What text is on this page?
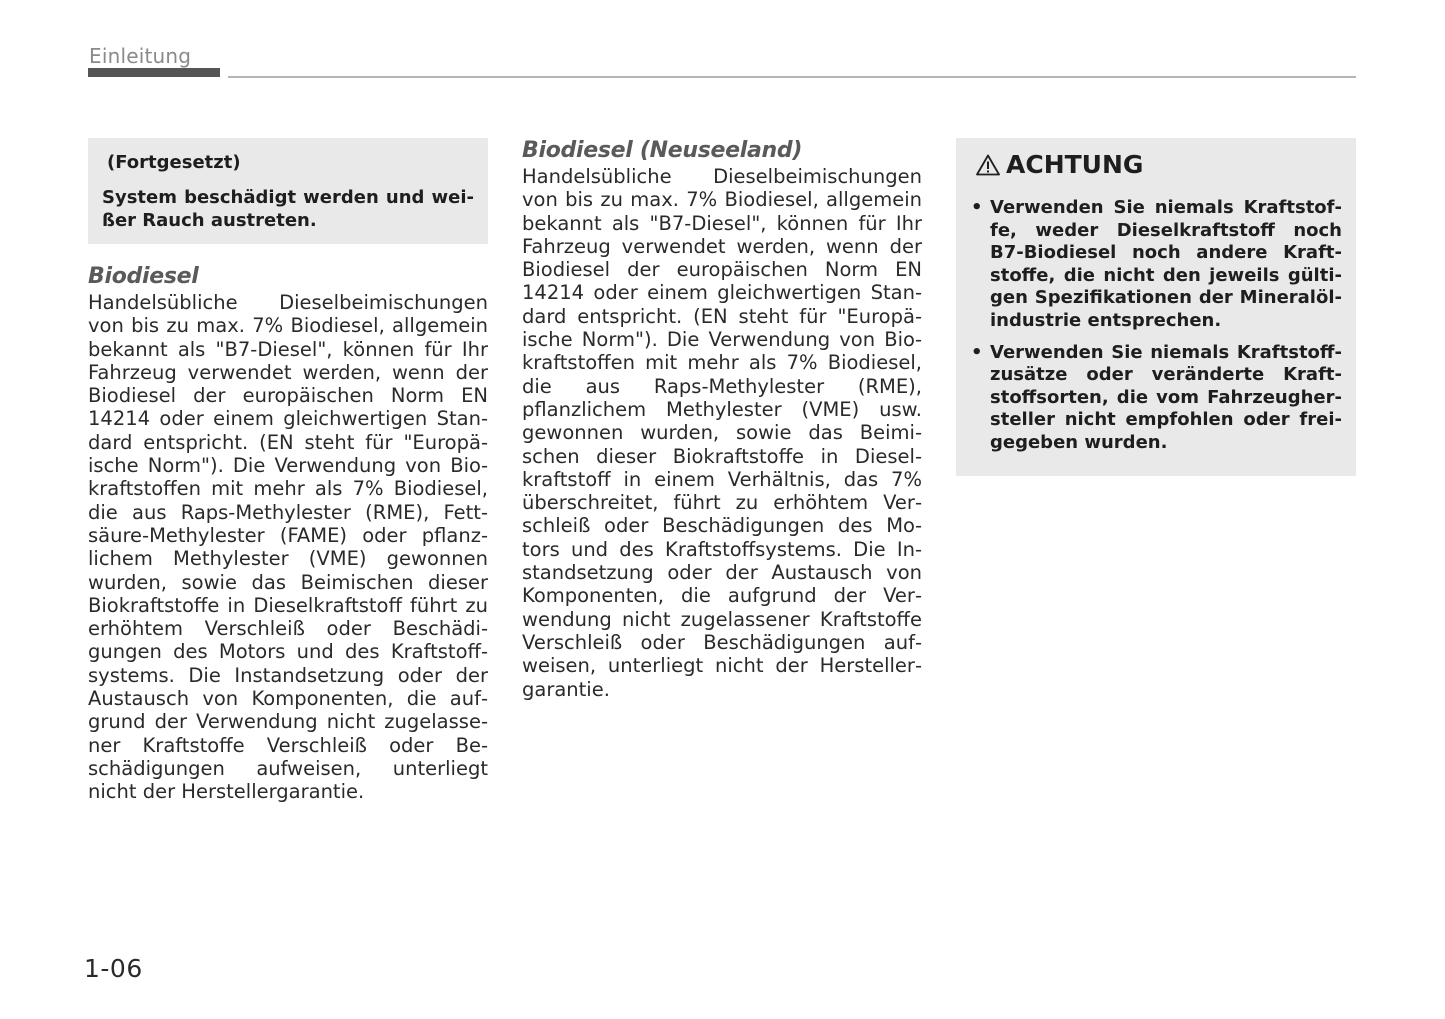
Einleitung
(Fortgesetzt)
System beschädigt werden und weißer Rauch austreten.
Biodiesel

Handelsübliche Dieselbeimischungen von bis zu max. 7% Biodiesel, allgemein bekannt als "B7-Diesel", können für Ihr Fahrzeug verwendet werden, wenn der Biodiesel der europäischen Norm EN 14214 oder einem gleichwertigen Standard entspricht. (EN steht für "Europäische Norm"). Die Verwendung von Biokraftstoffen mit mehr als 7% Biodiesel, die aus Raps-Methylester (RME), Fettsäure-Methylester (FAME) oder pflanzlichem Methylester (VME) gewonnen wurden, sowie das Beimischen dieser Biokraftstoffe in Dieselkraftstoff führt zu erhöhtem Verschleiß oder Beschädigungen des Motors und des Kraftstoffsystems. Die Instandsetzung oder der Austausch von Komponenten, die aufgrund der Verwendung nicht zugelassener Kraftstoffe Verschleiß oder Beschädigungen aufweisen, unterliegt nicht der Herstellergarantie.

Biodiesel (Neuseeland)

Handelsübliche Dieselbeimischungen von bis zu max. 7% Biodiesel, allgemein bekannt als "B7-Diesel", können für Ihr Fahrzeug verwendet werden, wenn der Biodiesel der europäischen Norm EN 14214 oder einem gleichwertigen Standard entspricht. (EN steht für "Europäische Norm"). Die Verwendung von Biokraftstoffen mit mehr als 7% Biodiesel, die aus Raps-Methylester (RME), pflanzlichem Methylester (VME) usw. gewonnen wurden, sowie das Beimischen dieser Biokraftstoffe in Dieselkraftstoff in einem Verhältnis, das 7% überschreitet, führt zu erhöhtem Verschleiß oder Beschädigungen des Motors und des Kraftstoffsystems. Die Instandsetzung oder der Austausch von Komponenten, die aufgrund der Verwendung nicht zugelassener Kraftstoffe Verschleiß oder Beschädigungen aufweisen, unterliegt nicht der Herstellergarantie.

ACHTUNG
• Verwenden Sie niemals Kraftstoffe, weder Dieselkraftstoff noch B7-Biodiesel noch andere Kraftstoffe, die nicht den jeweils gültigen Spezifikationen der Mineralölindustrie entsprechen.
• Verwenden Sie niemals Kraftstoffzusätze oder veränderte Kraftstoffsorten, die vom Fahrzeughersteller nicht empfohlen oder freigegeben wurden.
1-06
